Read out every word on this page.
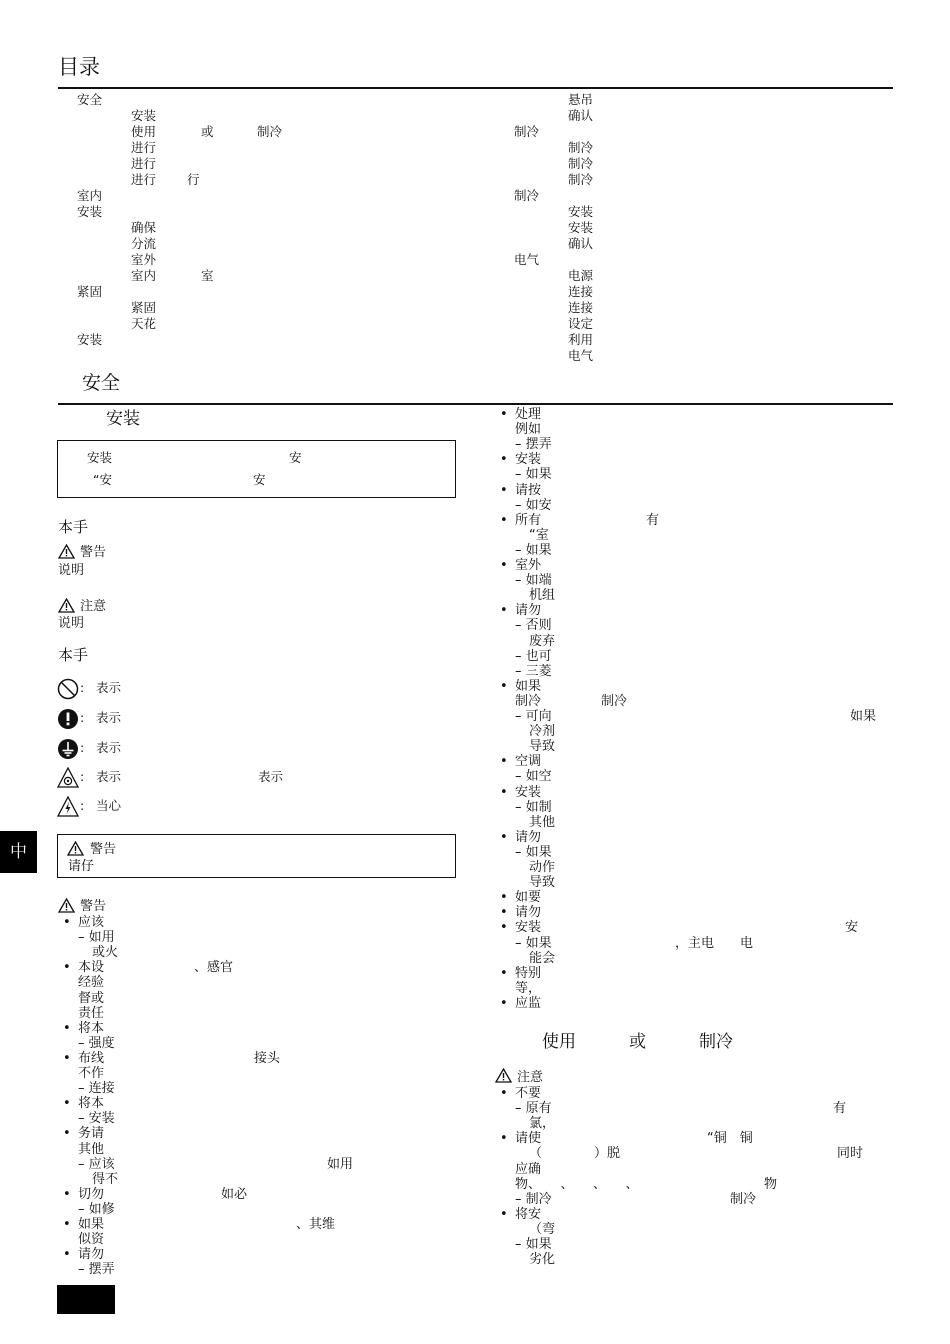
目录
安全
安装
使用	或	制冷
进行
进行
进行 行
室内
安装
确保
分流
室外
室内	室
紧固
紧固
天花
安装
悬吊
确认
制冷
制冷
制冷
制冷
制冷
安装
安装
确认
电气
电源
连接
连接
设定
利用
电气
安全
安装
安装	安
“安	安
本手
警告
说明
注意
说明
本手
: 表示
: 表示
: 表示
: 表示	表示
: 当心
中	警告
请仔
警告
• 应该
– 如用
或火
• 本设	、感官
经验
督或
责任
• 将本
– 强度
• 布线	接头
不作
– 连接
• 将本
– 安装
• 务请
其他
– 应该	如用
得不
• 切勿	如必
– 如修
• 如果	、其维
似资
• 请勿
– 摆弄
• 处理
例如
– 摆弄
• 安装
– 如果
• 请按
– 如安
• 所有	有
“室
– 如果
• 室外
– 如端
机组
• 请勿
– 否则
废弃
– 也可
– 三菱
• 如果
制冷	制冷
– 可向	如果
冷剂
导致
• 空调
– 如空
• 安装
– 如制
其他
• 请勿
– 如果
动作
导致
• 如要
• 请勿
• 安装	安
– 如果	，主电　　电
能会
• 特别
等，
• 应监
使用	或	制冷
注意
• 不要
– 原有	有
氯，
• 请使	“铜　铜
（　　　　）脱	同时
应确
物、　　、　　、　　、	物
– 制冷	制冷
• 将安
（弯
– 如果
劣化
